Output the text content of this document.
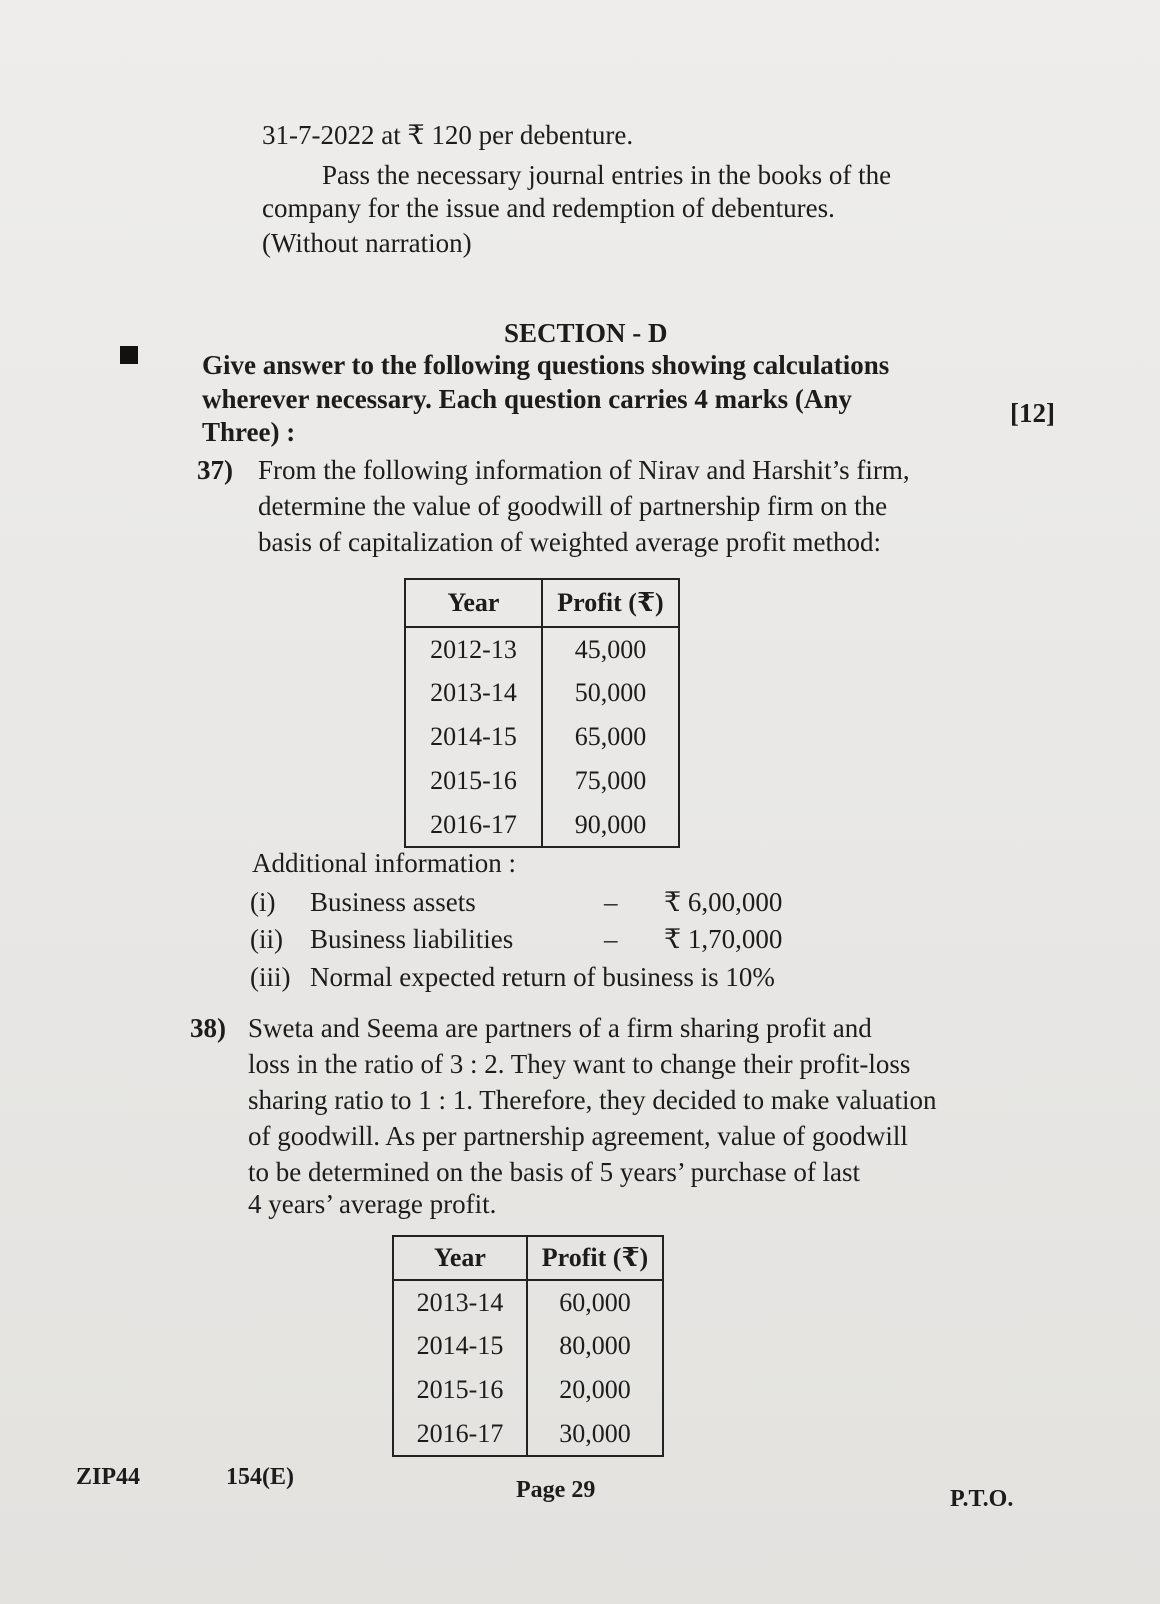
31-7-2022 at ₹ 120 per debenture.
Pass the necessary journal entries in the books of the
company for the issue and redemption of debentures.
(Without narration)
SECTION - D
Give answer to the following questions showing calculations
wherever necessary. Each question carries 4 marks (Any
Three) :
[12]
37) From the following information of Nirav and Harshit’s firm,
determine the value of goodwill of partnership firm on the
basis of capitalization of weighted average profit method:
Year	Profit (₹)
2012-13	45,000
2013-14	50,000
2014-15	65,000
2015-16	75,000
2016-17	90,000
Additional information :
(i) Business assets	– ₹ 6,00,000
(ii) Business liabilities	– ₹ 1,70,000
(iii) Normal expected return of business is 10%
38) Sweta and Seema are partners of a firm sharing profit and
loss in the ratio of 3 : 2. They want to change their profit-loss
sharing ratio to 1 : 1. Therefore, they decided to make valuation
of goodwill. As per partnership agreement, value of goodwill
to be determined on the basis of 5 years’ purchase of last
4 years’ average profit.
Year	Profit (₹)
2013-14	60,000
2014-15	80,000
2015-16	20,000
2016-17	30,000
ZIP44	154(E)	Page 29	P.T.O.
